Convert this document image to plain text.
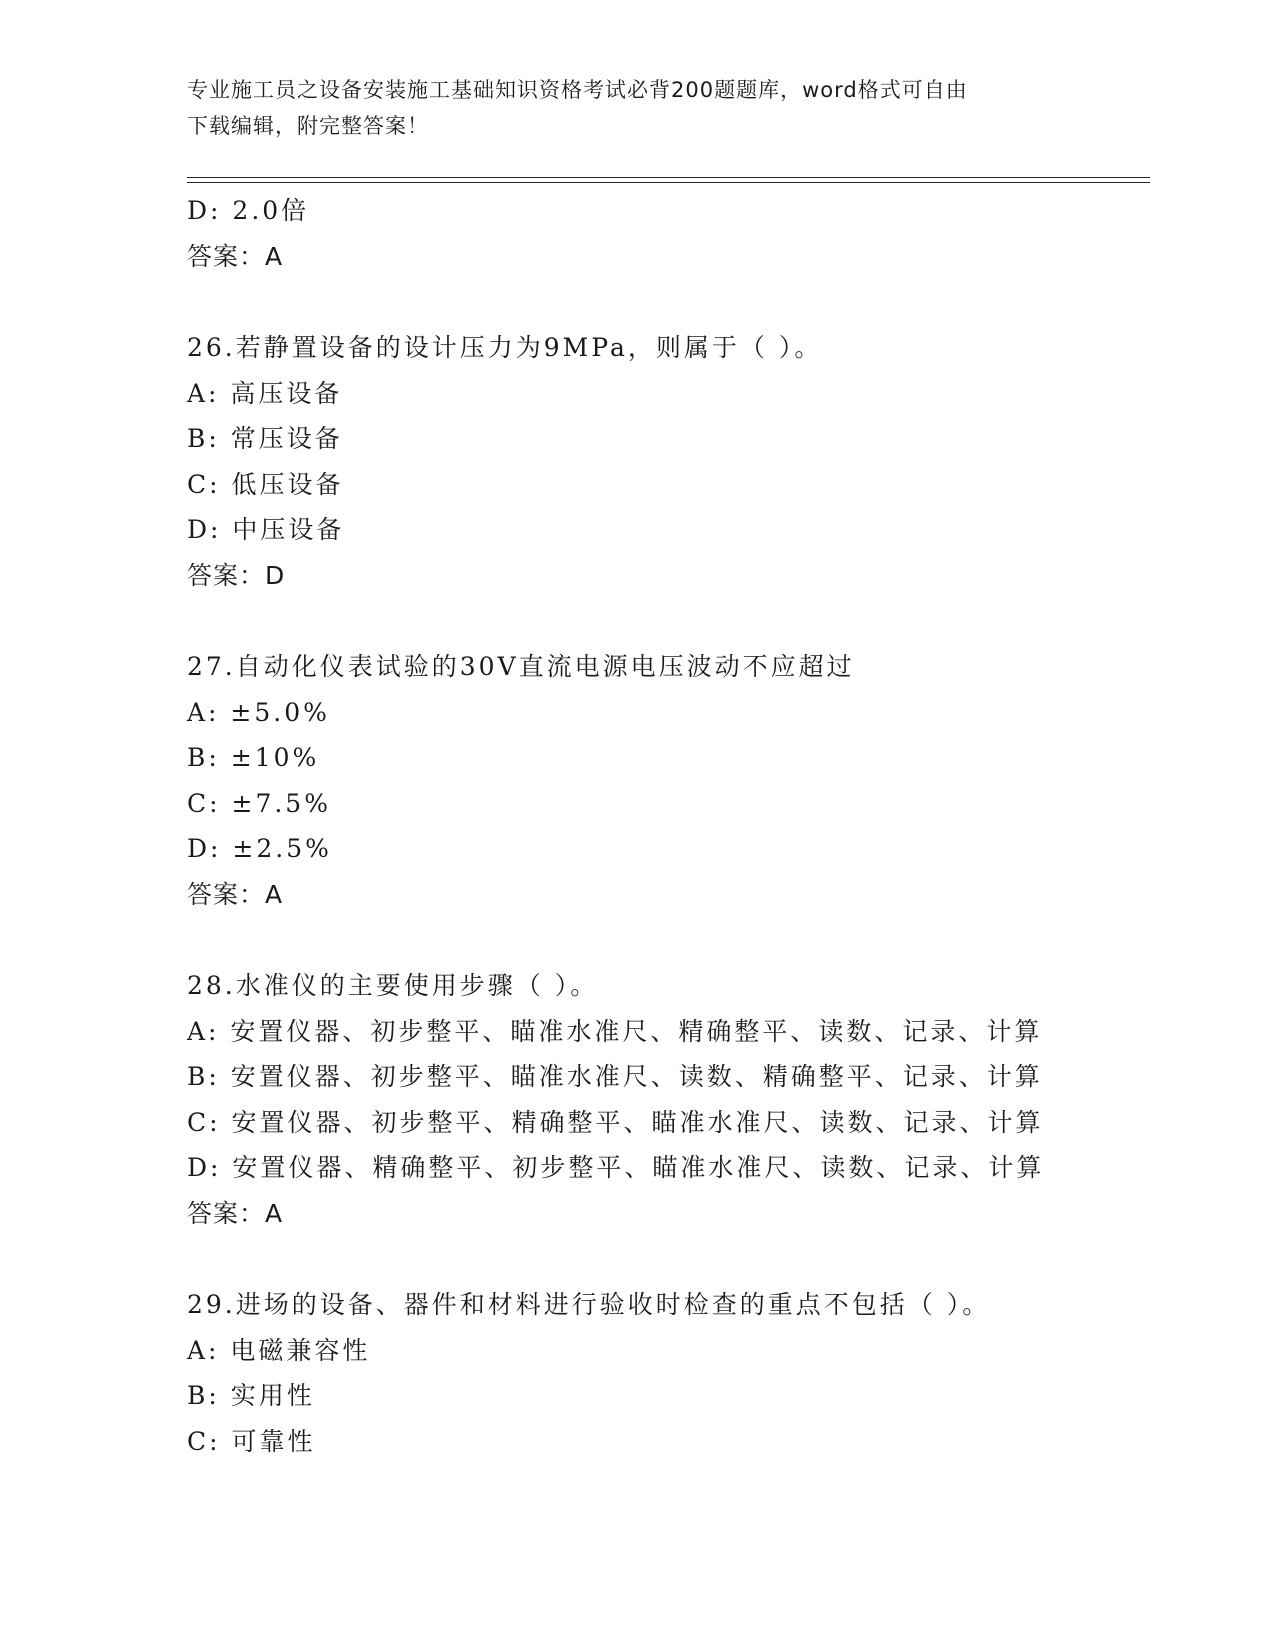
专业施工员之设备安装施工基础知识资格考试必背200题题库，word格式可自由
下载编辑，附完整答案！
D: 2.0倍
答案：A
26.若静置设备的设计压力为9MPa，则属于（ ）。
A: 高压设备
B: 常压设备
C: 低压设备
D: 中压设备
答案：D
27.自动化仪表试验的30V直流电源电压波动不应超过
A: ±5.0%
B: ±10%
C: ±7.5%
D: ±2.5%
答案：A
28.水准仪的主要使用步骤（ ）。
A: 安置仪器、初步整平、瞄准水准尺、精确整平、读数、记录、计算
B: 安置仪器、初步整平、瞄准水准尺、读数、精确整平、记录、计算
C: 安置仪器、初步整平、精确整平、瞄准水准尺、读数、记录、计算
D: 安置仪器、精确整平、初步整平、瞄准水准尺、读数、记录、计算
答案：A
29.进场的设备、器件和材料进行验收时检查的重点不包括（ ）。
A: 电磁兼容性
B: 实用性
C: 可靠性
